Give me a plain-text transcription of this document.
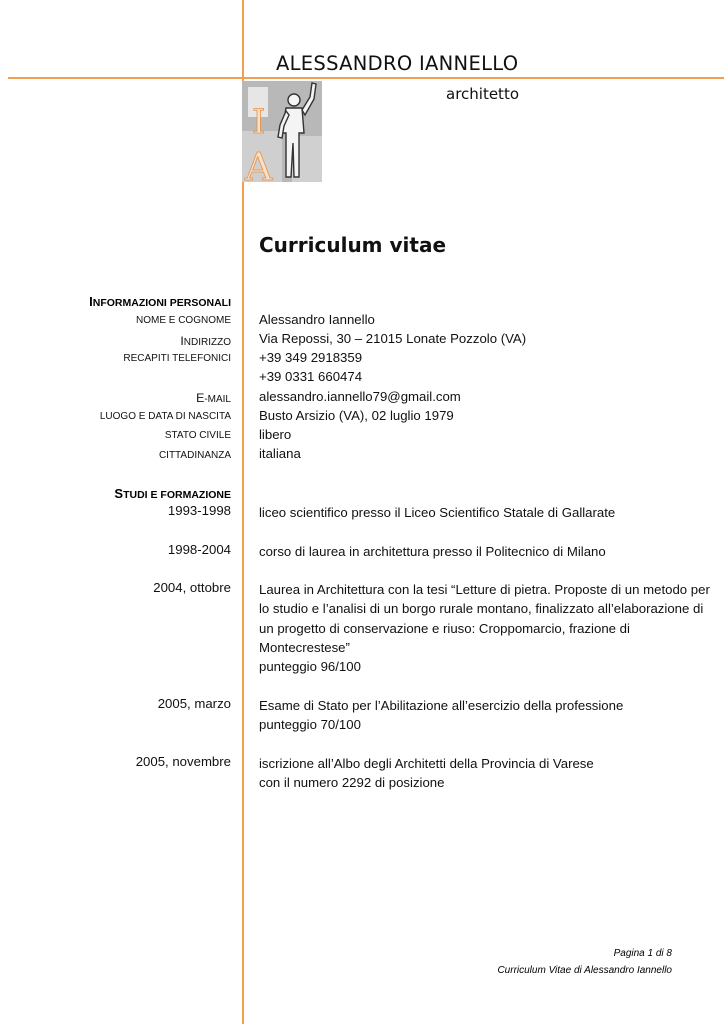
ALESSANDRO IANNELLO
architetto
I
A
Curriculum vitae
INFORMAZIONI PERSONALI
NOME E COGNOME Alessandro Iannello
INDIRIZZO Via Repossi, 30 – 21015 Lonate Pozzolo (VA)
RECAPITI TELEFONICI +39 349 2918359
+39 0331 660474
E-MAIL alessandro.iannello79@gmail.com
LUOGO E DATA DI NASCITA Busto Arsizio (VA), 02 luglio 1979
STATO CIVILE libero
CITTADINANZA italiana
STUDI E FORMAZIONE
1993-1998 liceo scientifico presso il Liceo Scientifico Statale di Gallarate
1998-2004 corso di laurea in architettura presso il Politecnico di Milano
2004, ottobre Laurea in Architettura con la tesi “Letture di pietra. Proposte di un metodo per
lo studio e l’analisi di un borgo rurale montano, finalizzato all’elaborazione di
un progetto di conservazione e riuso: Croppomarcio, frazione di
Montecrestese”
punteggio 96/100
2005, marzo Esame di Stato per l’Abilitazione all’esercizio della professione
punteggio 70/100
2005, novembre iscrizione all’Albo degli Architetti della Provincia di Varese
con il numero 2292 di posizione
Pagina 1 di 8
Curriculum Vitae di Alessandro Iannello
